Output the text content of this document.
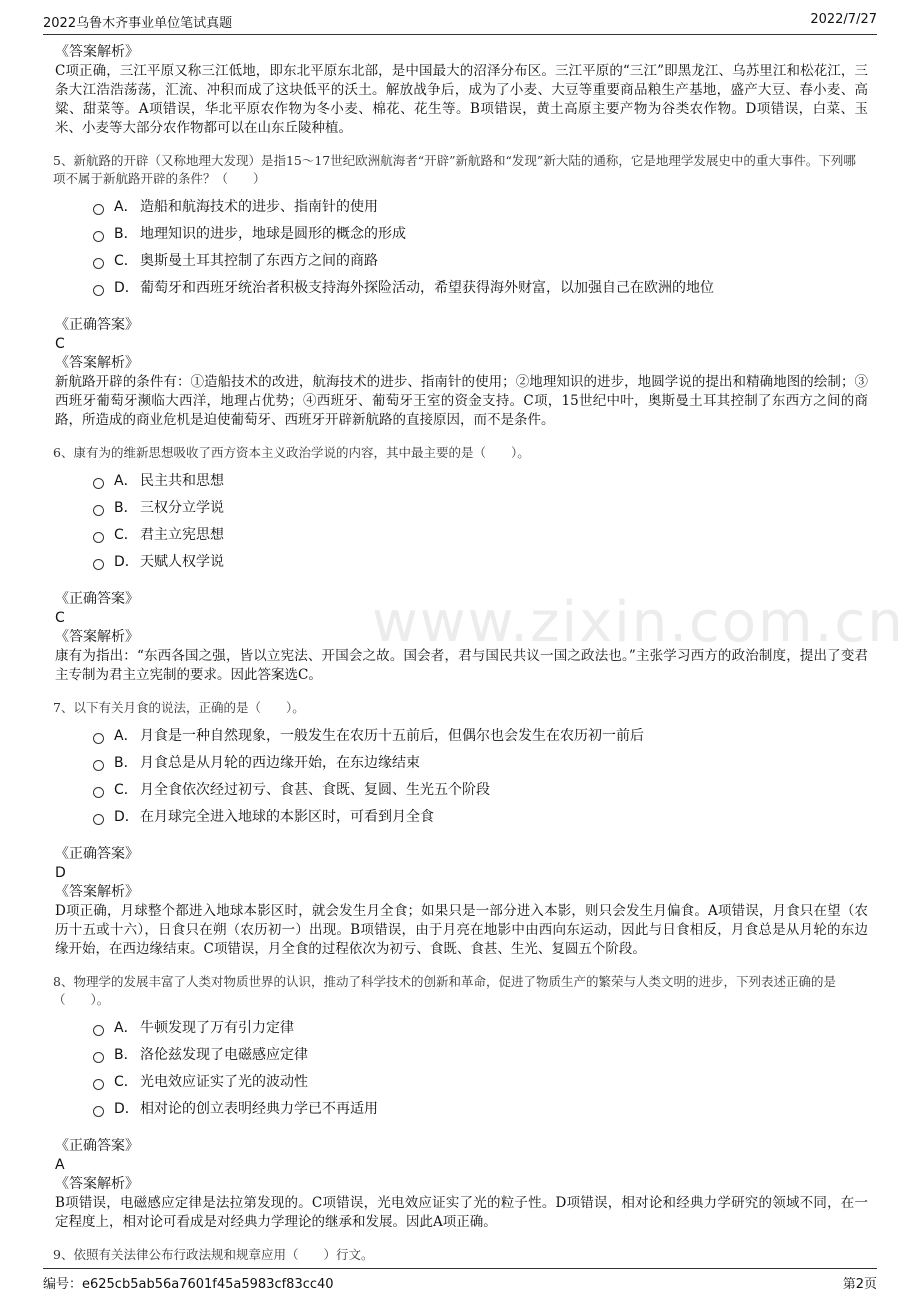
2022乌鲁木齐事业单位笔试真题	2022/7/27
www.zixin.com.cn
《答案解析》
C项正确，三江平原又称三江低地，即东北平原东北部，是中国最大的沼泽分布区。三江平原的“三江”即黑龙江、乌苏里江和松花江，三条大江浩浩荡荡，汇流、冲积而成了这块低平的沃土。解放战争后，成为了小麦、大豆等重要商品粮生产基地，盛产大豆、春小麦、高粱、甜菜等。A项错误，华北平原农作物为冬小麦、棉花、花生等。B项错误，黄土高原主要产物为谷类农作物。D项错误，白菜、玉米、小麦等大部分农作物都可以在山东丘陵种植。
5、新航路的开辟（又称地理大发现）是指15～17世纪欧洲航海者“开辟”新航路和“发现”新大陆的通称，它是地理学发展史中的重大事件。下列哪项不属于新航路开辟的条件？（　　）
A． 造船和航海技术的进步、指南针的使用
B． 地理知识的进步，地球是圆形的概念的形成
C． 奥斯曼土耳其控制了东西方之间的商路
D． 葡萄牙和西班牙统治者积极支持海外探险活动，希望获得海外财富，以加强自己在欧洲的地位
《正确答案》
C
《答案解析》
新航路开辟的条件有：①造船技术的改进，航海技术的进步、指南针的使用；②地理知识的进步，地圆学说的提出和精确地图的绘制；③西班牙葡萄牙濒临大西洋，地理占优势；④西班牙、葡萄牙王室的资金支持。C项，15世纪中叶，奥斯曼土耳其控制了东西方之间的商路，所造成的商业危机是迫使葡萄牙、西班牙开辟新航路的直接原因，而不是条件。
6、康有为的维新思想吸收了西方资本主义政治学说的内容，其中最主要的是（　　）。
A． 民主共和思想
B． 三权分立学说
C． 君主立宪思想
D． 天赋人权学说
《正确答案》
C
《答案解析》
康有为指出：“东西各国之强，皆以立宪法、开国会之故。国会者，君与国民共议一国之政法也。”主张学习西方的政治制度，提出了变君主专制为君主立宪制的要求。因此答案选C。
7、以下有关月食的说法，正确的是（　　）。
A． 月食是一种自然现象，一般发生在农历十五前后，但偶尔也会发生在农历初一前后
B． 月食总是从月轮的西边缘开始，在东边缘结束
C． 月全食依次经过初亏、食甚、食既、复圆、生光五个阶段
D． 在月球完全进入地球的本影区时，可看到月全食
《正确答案》
D
《答案解析》
D项正确，月球整个都进入地球本影区时，就会发生月全食；如果只是一部分进入本影，则只会发生月偏食。A项错误，月食只在望（农历十五或十六），日食只在朔（农历初一）出现。B项错误，由于月亮在地影中由西向东运动，因此与日食相反，月食总是从月轮的东边缘开始，在西边缘结束。C项错误，月全食的过程依次为初亏、食既、食甚、生光、复圆五个阶段。
8、物理学的发展丰富了人类对物质世界的认识，推动了科学技术的创新和革命，促进了物质生产的繁荣与人类文明的进步，下列表述正确的是（　　）。
A． 牛顿发现了万有引力定律
B． 洛伦兹发现了电磁感应定律
C． 光电效应证实了光的波动性
D． 相对论的创立表明经典力学已不再适用
《正确答案》
A
《答案解析》
B项错误，电磁感应定律是法拉第发现的。C项错误，光电效应证实了光的粒子性。D项错误，相对论和经典力学研究的领域不同，在一定程度上，相对论可看成是对经典力学理论的继承和发展。因此A项正确。
9、依照有关法律公布行政法规和规章应用（　　）行文。
编号：e625cb5ab56a7601f45a5983cf83cc40	第2页
